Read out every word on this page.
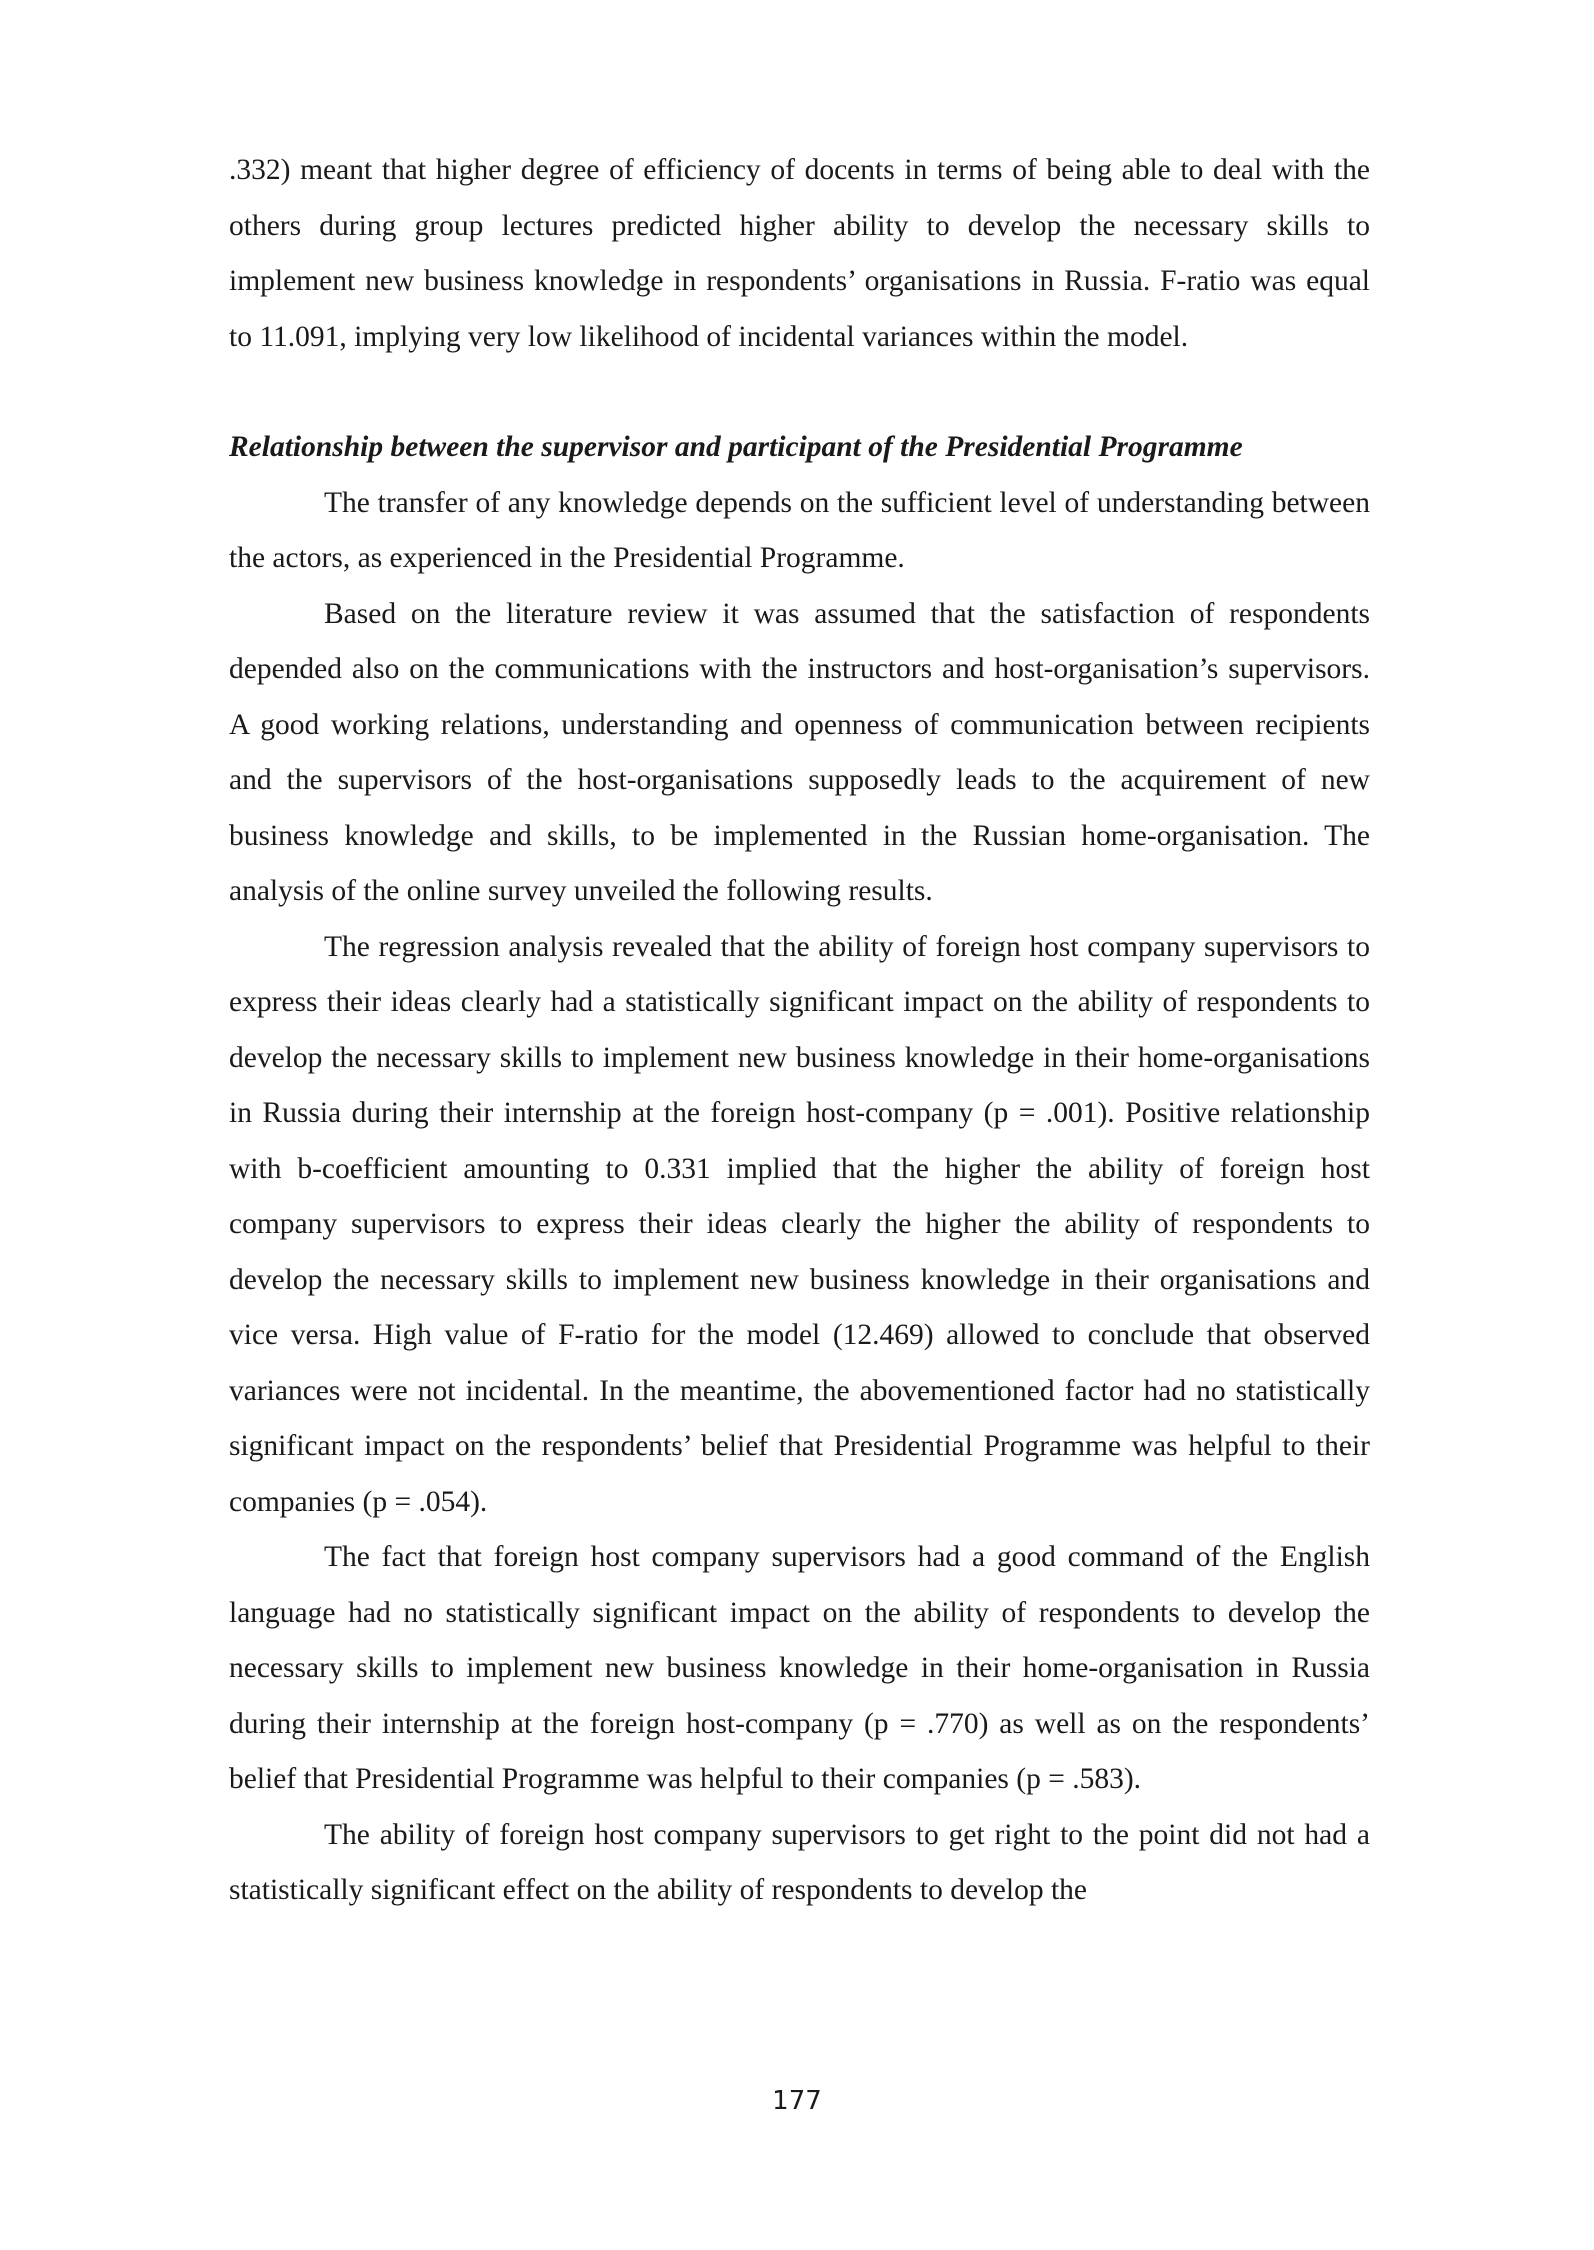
.332) meant that higher degree of efficiency of docents in terms of being able to deal with the others during group lectures predicted higher ability to develop the necessary skills to implement new business knowledge in respondents’ organisations in Russia. F-ratio was equal to 11.091, implying very low likelihood of incidental variances within the model.

Relationship between the supervisor and participant of the Presidential Programme

The transfer of any knowledge depends on the sufficient level of understanding between the actors, as experienced in the Presidential Programme.

Based on the literature review it was assumed that the satisfaction of respondents depended also on the communications with the instructors and host-organisation’s supervisors. A good working relations, understanding and openness of communication between recipients and the supervisors of the host-organisations supposedly leads to the acquirement of new business knowledge and skills, to be implemented in the Russian home-organisation. The analysis of the online survey unveiled the following results.

The regression analysis revealed that the ability of foreign host company supervisors to express their ideas clearly had a statistically significant impact on the ability of respondents to develop the necessary skills to implement new business knowledge in their home-organisations in Russia during their internship at the foreign host-company (p = .001). Positive relationship with b-coefficient amounting to 0.331 implied that the higher the ability of foreign host company supervisors to express their ideas clearly the higher the ability of respondents to develop the necessary skills to implement new business knowledge in their organisations and vice versa. High value of F-ratio for the model (12.469) allowed to conclude that observed variances were not incidental. In the meantime, the abovementioned factor had no statistically significant impact on the respondents’ belief that Presidential Programme was helpful to their companies (p = .054).

The fact that foreign host company supervisors had a good command of the English language had no statistically significant impact on the ability of respondents to develop the necessary skills to implement new business knowledge in their home-organisation in Russia during their internship at the foreign host-company (p = .770) as well as on the respondents’ belief that Presidential Programme was helpful to their companies (p = .583).

The ability of foreign host company supervisors to get right to the point did not had a statistically significant effect on the ability of respondents to develop the

177
